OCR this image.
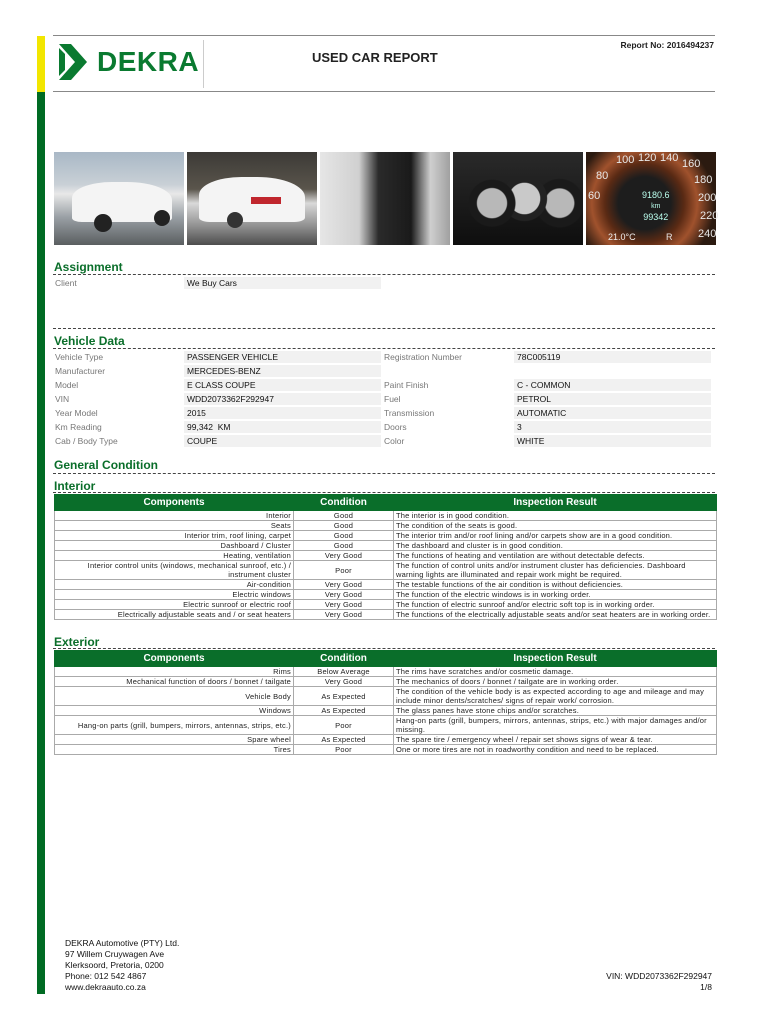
DEKRA	USED CAR REPORT
Report No: 2016494237
100 120 140 160
80
60
180
200
220
240
R
9180.6
km
99342
21.0°C
Assignment
Client	We Buy Cars
Vehicle Data
Vehicle Type	PASSENGER VEHICLE
Manufacturer	MERCEDES-BENZ
Model	E CLASS COUPE
VIN	WDD2073362F292947
Year Model	2015
Km Reading	99,342  KM
Cab / Body Type	COUPE
Registration Number	78C005119
Paint Finish	C - COMMON
Fuel	PETROL
Transmission	AUTOMATIC
Doors	3
Color	WHITE
General Condition
Interior
Components	Condition	Inspection Result
Interior	Good	The interior is in good condition.
Seats	Good	The condition of the seats is good.
Interior trim, roof lining, carpet	Good	The interior trim and/or roof lining and/or carpets show are in a good condition.
Dashboard / Cluster	Good	The dashboard and cluster is in good condition.
Heating, ventilation	Very Good	The functions of heating and ventilation are without detectable defects.
Interior control units (windows, mechanical sunroof, etc.) / instrument cluster	Poor	The function of control units and/or instrument cluster has deficiencies. Dashboard warning lights are illuminated and repair work might be required.
Air-condition	Very Good	The testable functions of the air condition is without deficiencies.
Electric windows	Very Good	The function of the electric windows is in working order.
Electric sunroof or electric roof	Very Good	The function of electric sunroof and/or electric soft top is in working order.
Electrically adjustable seats and / or seat heaters	Very Good	The functions of the electrically adjustable seats and/or seat heaters are in working order.
Exterior
Components	Condition	Inspection Result
Rims	Below Average	The rims have scratches and/or cosmetic damage.
Mechanical function of doors / bonnet / tailgate	Very Good	The mechanics of doors / bonnet / tailgate are in working order.
Vehicle Body	As Expected	The condition of the vehicle body is as expected according to age and mileage and may include minor dents/scratches/ signs of repair work/ corrosion.
Windows	As Expected	The glass panes have stone chips and/or scratches.
Hang-on parts (grill, bumpers, mirrors, antennas, strips, etc.)	Poor	Hang-on parts (grill, bumpers, mirrors, antennas, strips, etc.) with major damages and/or missing.
Spare wheel	As Expected	The spare tire / emergency wheel / repair set shows signs of wear & tear.
Tires	Poor	One or more tires are not in roadworthy condition and need to be replaced.
DEKRA Automotive (PTY) Ltd.
97 Willem Cruywagen Ave
Klerksoord, Pretoria, 0200
Phone: 012 542 4867
www.dekraauto.co.za
VIN: WDD2073362F292947
1/8
